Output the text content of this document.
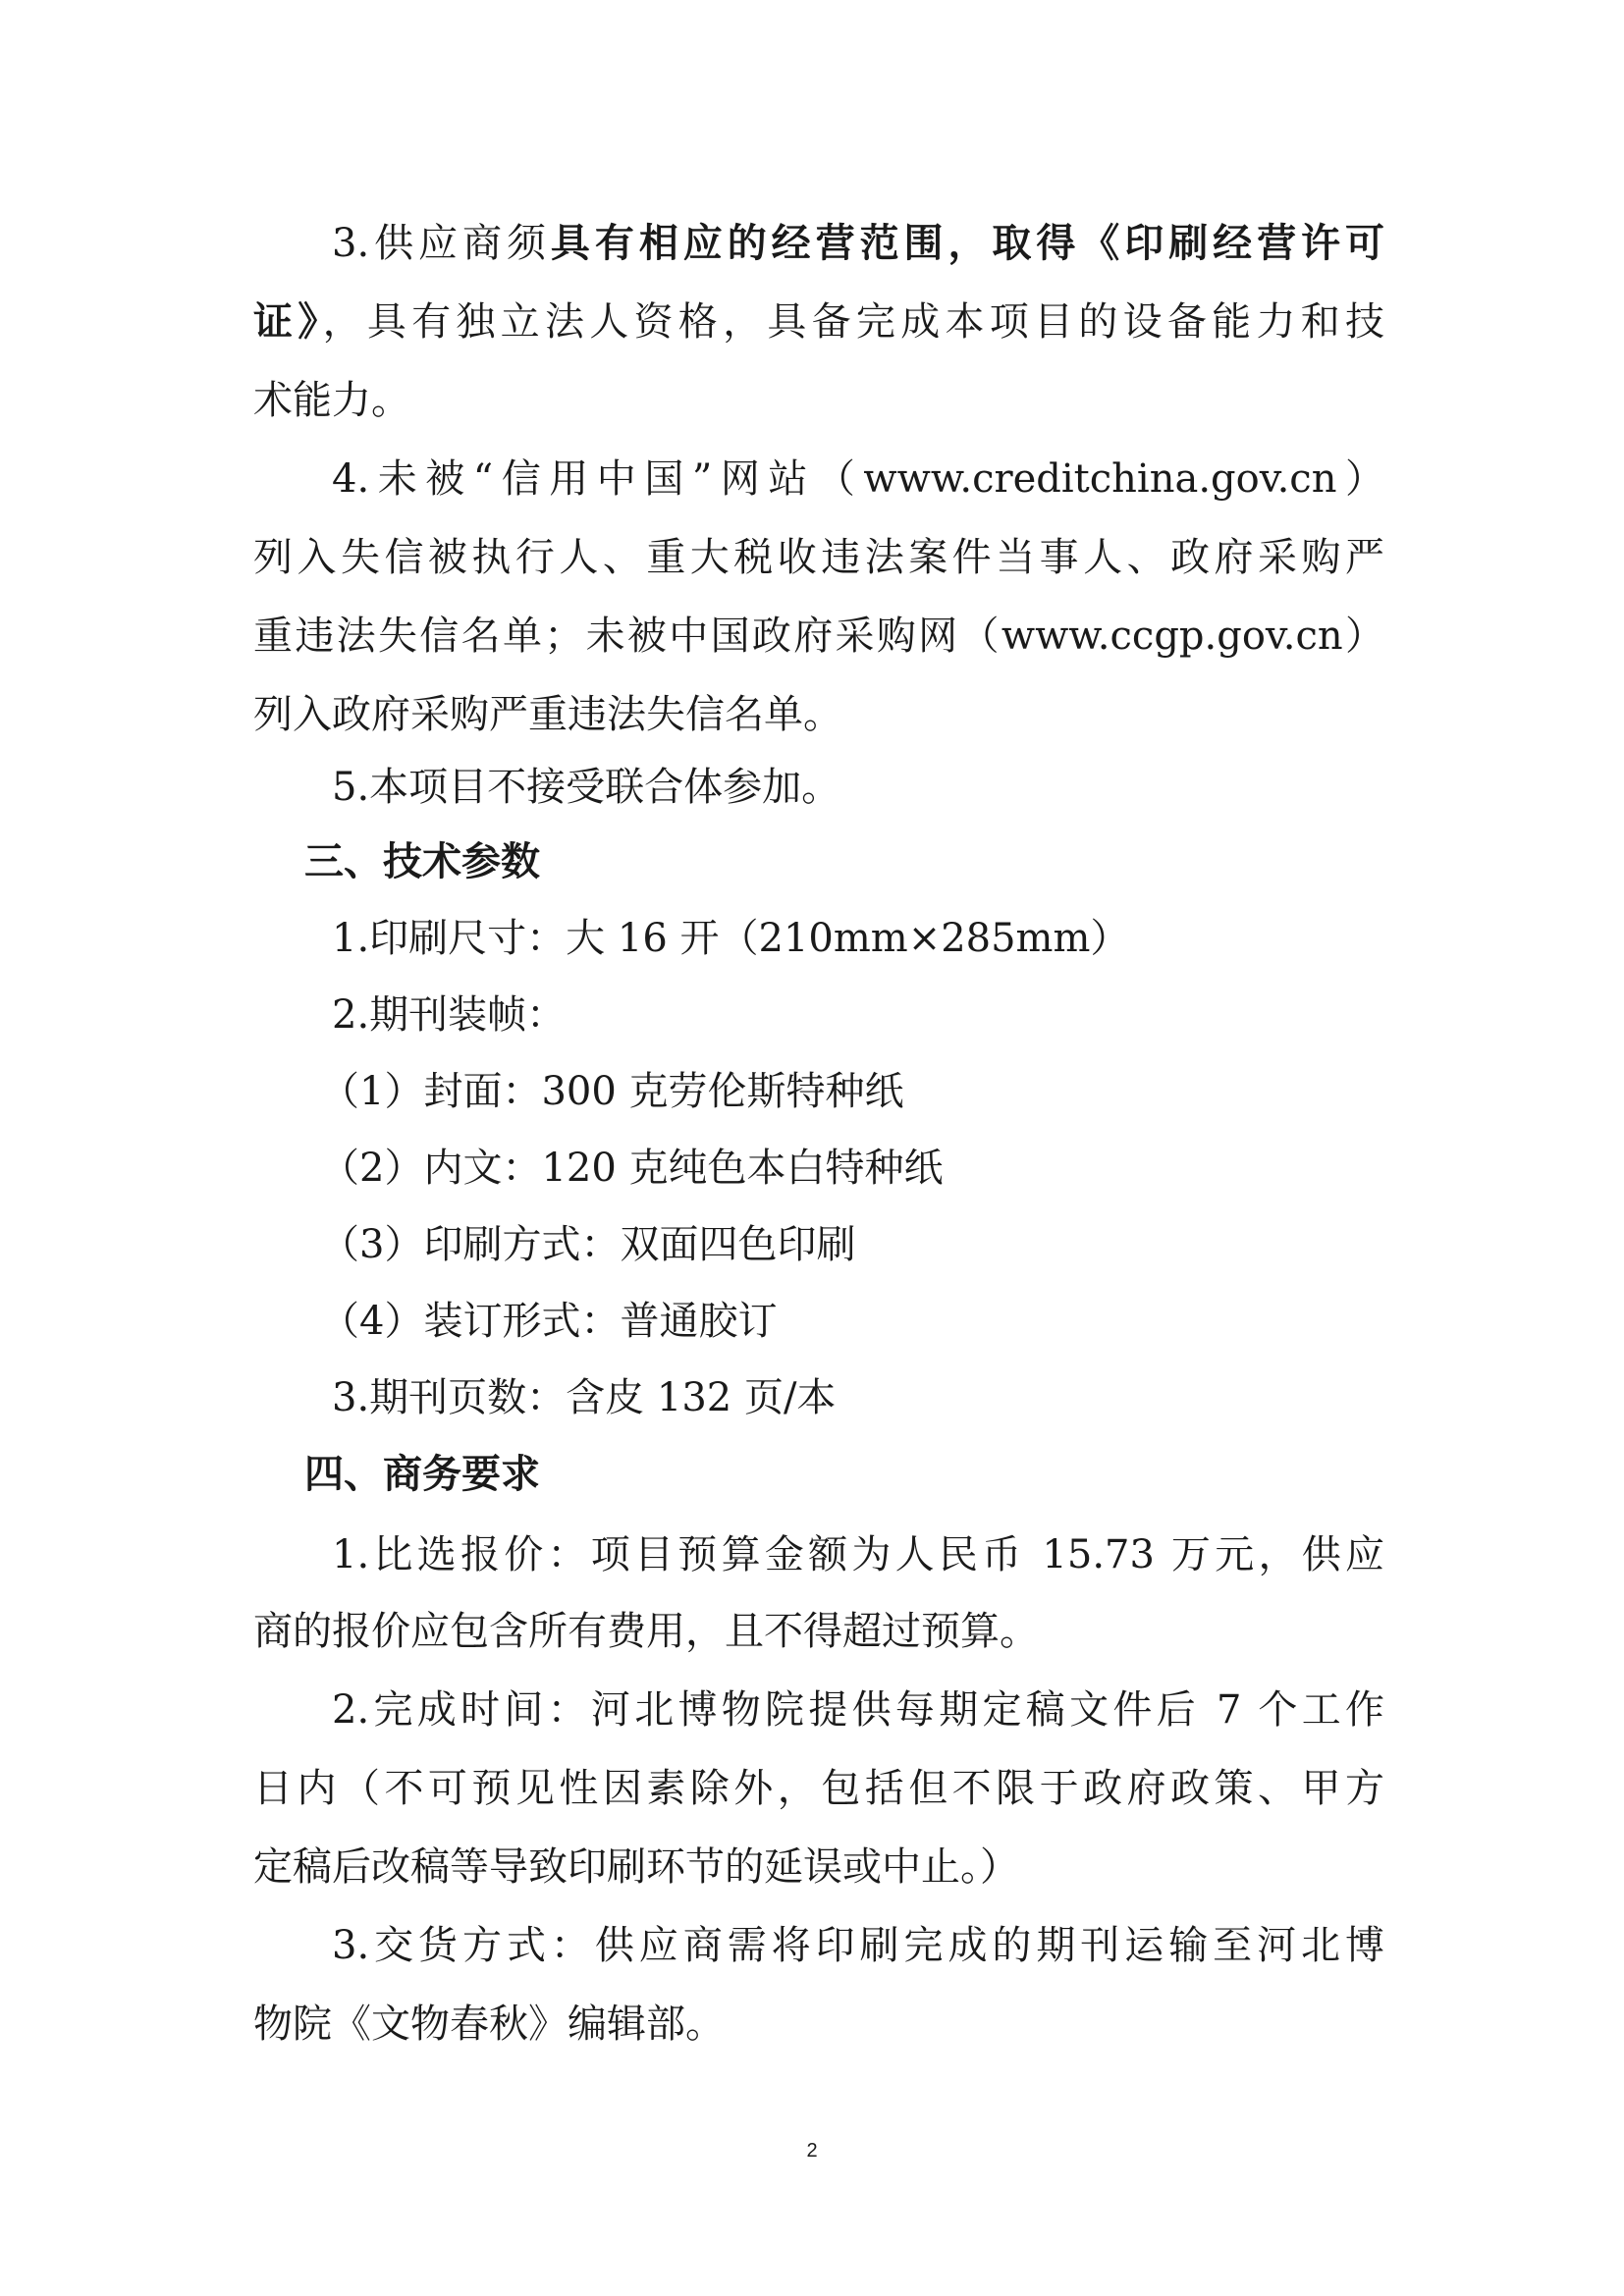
3.供应商须具有相应的经营范围，取得《印刷经营许可
证》，具有独立法人资格，具备完成本项目的设备能力和技
术能力。
4.未被“信用中国”网站（www.creditchina.gov.cn）
列入失信被执行人、重大税收违法案件当事人、政府采购严
重违法失信名单；未被中国政府采购网（www.ccgp.gov.cn）
列入政府采购严重违法失信名单。
5.本项目不接受联合体参加。
三、技术参数
1.印刷尺寸：大 16 开（210mm×285mm）
2.期刊装帧：
（1）封面：300 克劳伦斯特种纸
（2）内文：120 克纯色本白特种纸
（3）印刷方式：双面四色印刷
（4）装订形式：普通胶订
3.期刊页数：含皮 132 页/本
四、商务要求
1.比选报价：项目预算金额为人民币 15.73 万元，供应
商的报价应包含所有费用，且不得超过预算。
2.完成时间：河北博物院提供每期定稿文件后 7 个工作
日内（不可预见性因素除外，包括但不限于政府政策、甲方
定稿后改稿等导致印刷环节的延误或中止。）
3.交货方式：供应商需将印刷完成的期刊运输至河北博
物院《文物春秋》编辑部。
2
